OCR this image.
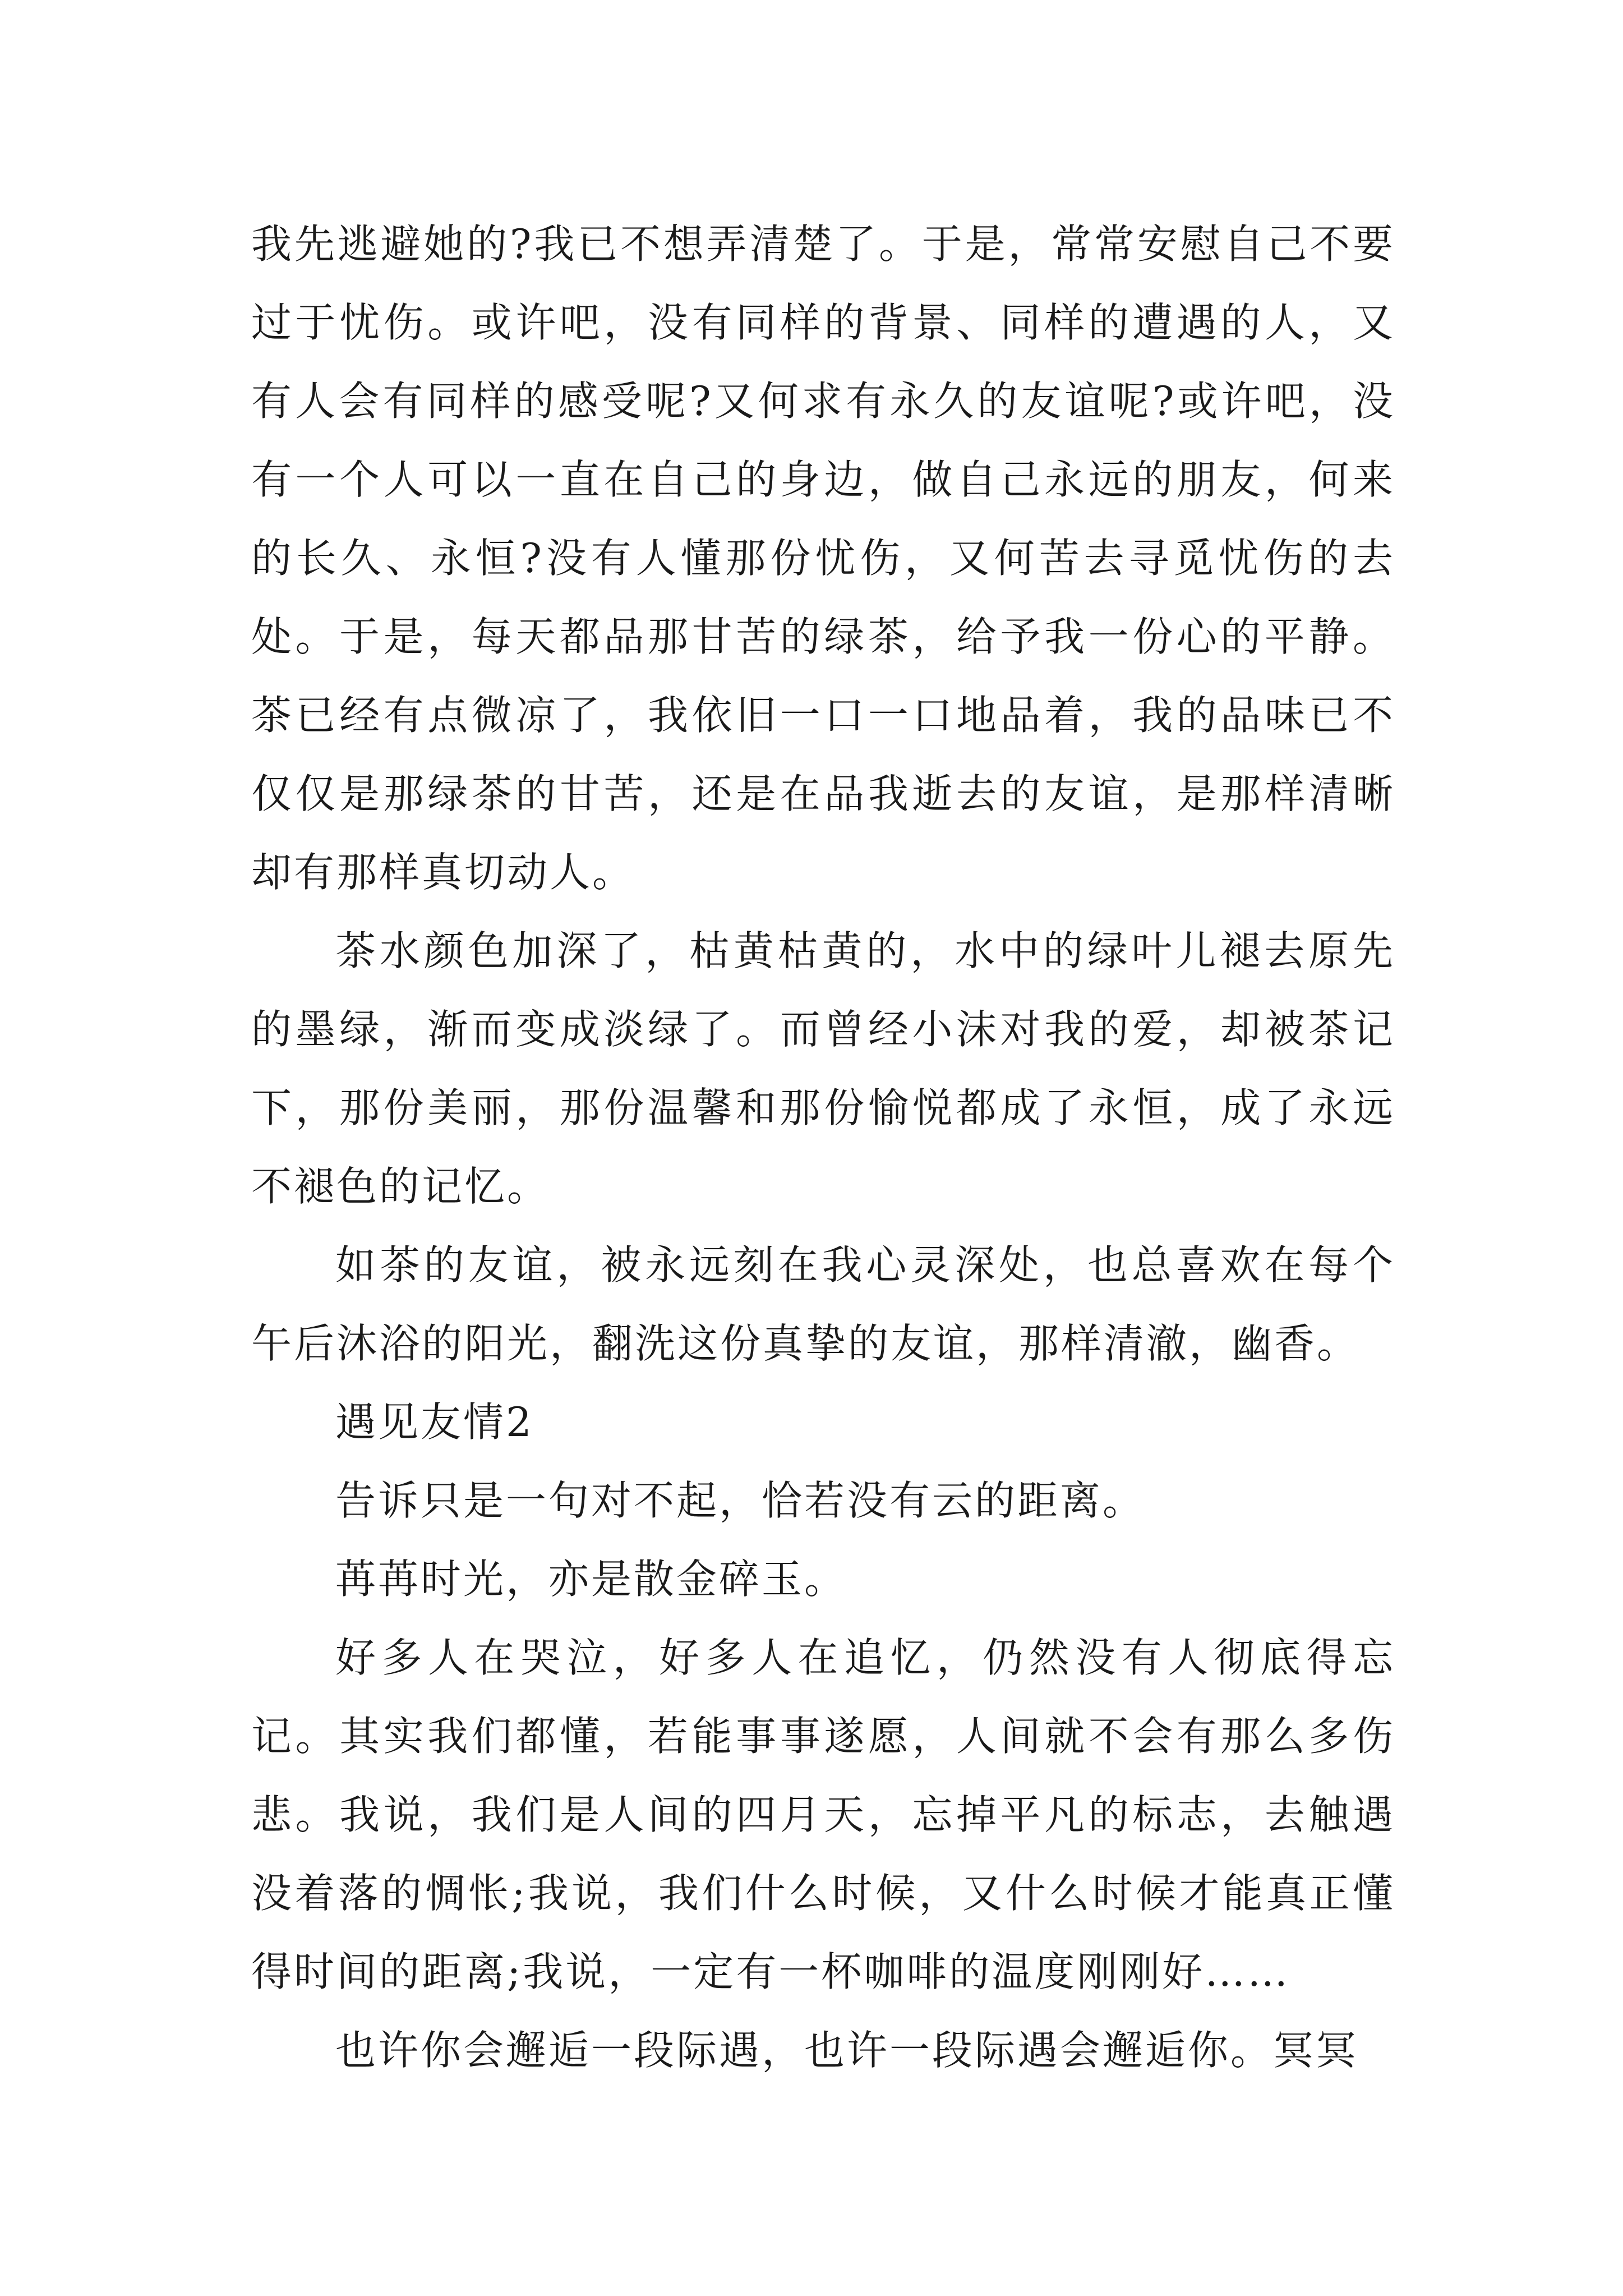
我先逃避她的?我已不想弄清楚了。于是，常常安慰自己不要过于忧伤。或许吧，没有同样的背景、同样的遭遇的人，又有人会有同样的感受呢?又何求有永久的友谊呢?或许吧，没有一个人可以一直在自己的身边，做自己永远的朋友，何来的长久、永恒?没有人懂那份忧伤，又何苦去寻觅忧伤的去处。于是，每天都品那甘苦的绿茶，给予我一份心的平静。茶已经有点微凉了，我依旧一口一口地品着，我的品味已不仅仅是那绿茶的甘苦，还是在品我逝去的友谊，是那样清晰却有那样真切动人。

茶水颜色加深了，枯黄枯黄的，水中的绿叶儿褪去原先的墨绿，渐而变成淡绿了。而曾经小沫对我的爱，却被茶记下，那份美丽，那份温馨和那份愉悦都成了永恒，成了永远不褪色的记忆。

如茶的友谊，被永远刻在我心灵深处，也总喜欢在每个午后沐浴的阳光，翻洗这份真挚的友谊，那样清澈，幽香。

遇见友情2

告诉只是一句对不起，恰若没有云的距离。

苒苒时光，亦是散金碎玉。

好多人在哭泣，好多人在追忆，仍然没有人彻底得忘记。其实我们都懂，若能事事遂愿，人间就不会有那么多伤悲。我说，我们是人间的四月天，忘掉平凡的标志，去触遇没着落的惆怅;我说，我们什么时候，又什么时候才能真正懂得时间的距离;我说，一定有一杯咖啡的温度刚刚好……

也许你会邂逅一段际遇，也许一段际遇会邂逅你。冥冥
